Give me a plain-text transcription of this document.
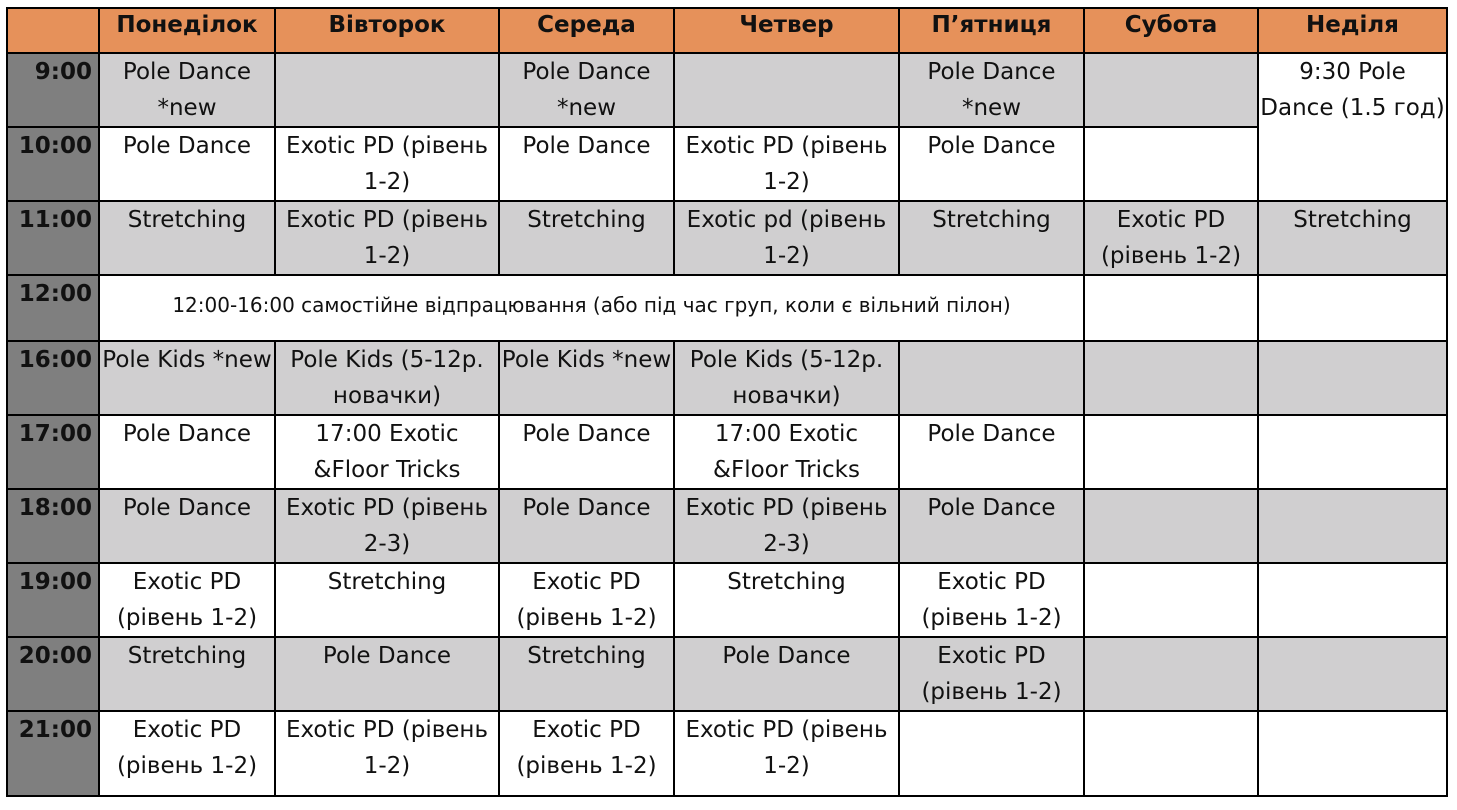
	Понеділок	Вівторок	Середа	Четвер	П’ятниця	Субота	Неділя
9:00	Pole Dance *new		Pole Dance *new		Pole Dance *new		9:30 Pole Dance (1.5 год)
10:00	Pole Dance	Exotic PD (рівень 1-2)	Pole Dance	Exotic PD (рівень 1-2)	Pole Dance		
11:00	Stretching	Exotic PD (рівень 1-2)	Stretching	Exotic pd (рівень 1-2)	Stretching	Exotic PD (рівень 1-2)	Stretching
12:00	12:00-16:00 самостійне відпрацювання (або під час груп, коли є вільний пілон)						

16:00	Pole Kids *new	Pole Kids (5-12р. новачки)	Pole Kids *new	Pole Kids (5-12р. новачки)			
17:00	Pole Dance	17:00 Exotic &Floor Tricks	Pole Dance	17:00 Exotic &Floor Tricks	Pole Dance		
18:00	Pole Dance	Exotic PD (рівень 2-3)	Pole Dance	Exotic PD (рівень 2-3)	Pole Dance		
19:00	Exotic PD (рівень 1-2)	Stretching	Exotic PD (рівень 1-2)	Stretching	Exotic PD (рівень 1-2)		
20:00	Stretching	Pole Dance	Stretching	Pole Dance	Exotic PD (рівень 1-2)		
21:00	Exotic PD (рівень 1-2)	Exotic PD (рівень 1-2)	Exotic PD (рівень 1-2)	Exotic PD (рівень 1-2)			
